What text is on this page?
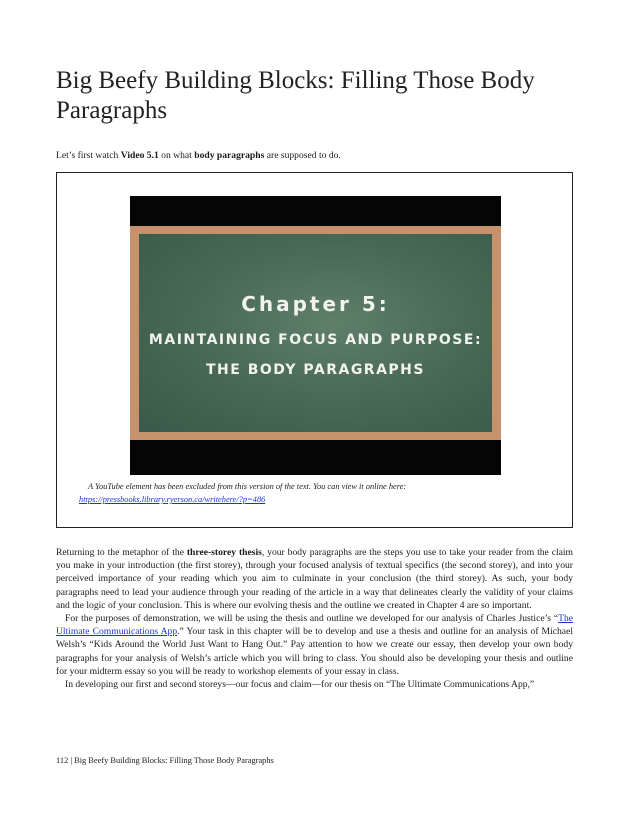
Big Beefy Building Blocks: Filling Those Body Paragraphs
Let’s first watch Video 5.1 on what body paragraphs are supposed to do.
Chapter 5:
MAINTAINING FOCUS AND PURPOSE:
THE BODY PARAGRAPHS
A YouTube element has been excluded from this version of the text. You can view it online here:
https://pressbooks.library.ryerson.ca/writehere/?p=486

Returning to the metaphor of the three-storey thesis, your body paragraphs are the steps you use to take your reader from the claim you make in your introduction (the first storey), through your focused analysis of textual specifics (the second storey), and into your perceived importance of your reading which you aim to culminate in your conclusion (the third storey). As such, your body paragraphs need to lead your audience through your reading of the article in a way that delineates clearly the validity of your claims and the logic of your conclusion. This is where our evolving thesis and the outline we created in Chapter 4 are so important.

For the purposes of demonstration, we will be using the thesis and outline we developed for our analysis of Charles Justice’s “The Ultimate Communications App.” Your task in this chapter will be to develop and use a thesis and outline for an analysis of Michael Welsh’s “Kids Around the World Just Want to Hang Out.” Pay attention to how we create our essay, then develop your own body paragraphs for your analysis of Welsh’s article which you will bring to class. You should also be developing your thesis and outline for your midterm essay so you will be ready to workshop elements of your essay in class.

In developing our first and second storeys—our focus and claim—for our thesis on “The Ultimate Communications App,”

112 | Big Beefy Building Blocks: Filling Those Body Paragraphs
